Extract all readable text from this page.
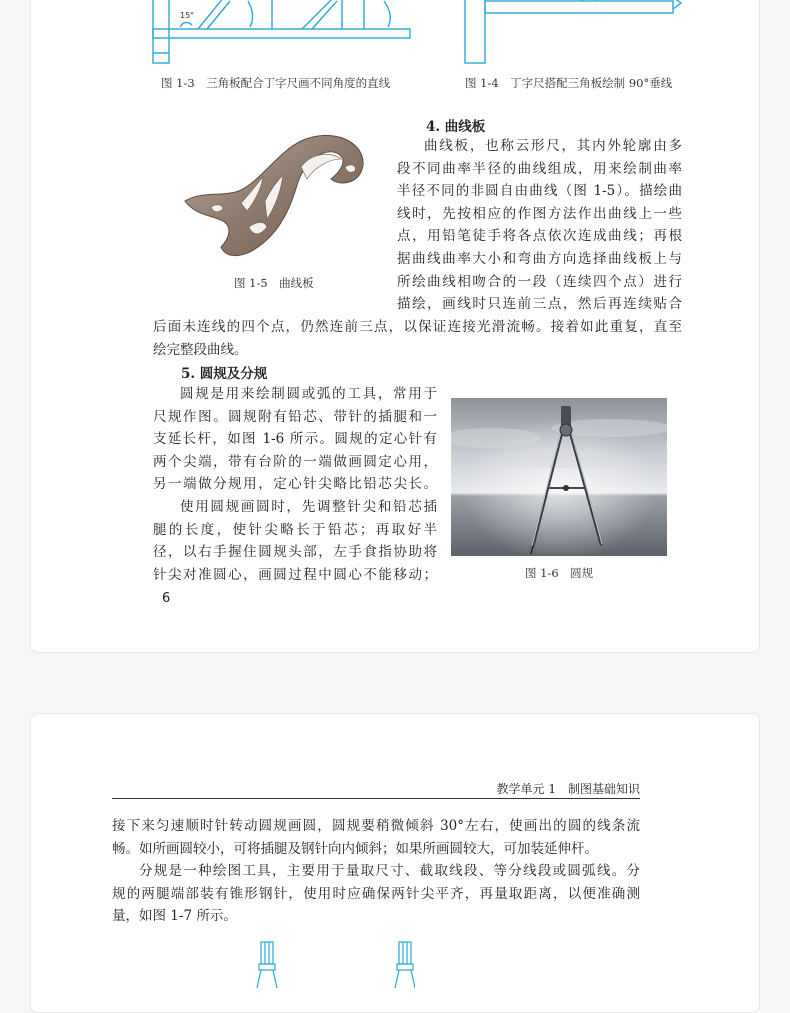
15°
图 1-3　三角板配合丁字尺画不同角度的直线	图 1-4　丁字尺搭配三角板绘制 90°垂线
图 1-5　曲线板
4. 曲线板

曲线板，也称云形尺，其内外轮廓由多

段不同曲率半径的曲线组成，用来绘制曲率

半径不同的非圆自由曲线（图 1-5）。描绘曲

线时，先按相应的作图方法作出曲线上一些

点，用铅笔徒手将各点依次连成曲线；再根

据曲线曲率大小和弯曲方向选择曲线板上与

所绘曲线相吻合的一段（连续四个点）进行

描绘，画线时只连前三点，然后再连续贴合

后面未连线的四个点，仍然连前三点，以保证连接光滑流畅。接着如此重复，直至

绘完整段曲线。

5. 圆规及分规

圆规是用来绘制圆或弧的工具，常用于

尺规作图。圆规附有铅芯、带针的插腿和一

支延长杆，如图 1-6 所示。圆规的定心针有

两个尖端，带有台阶的一端做画圆定心用，

另一端做分规用，定心针尖略比铅芯尖长。

使用圆规画圆时，先调整针尖和铅芯插

腿的长度，使针尖略长于铅芯；再取好半

径，以右手握住圆规头部，左手食指协助将

针尖对准圆心，画圆过程中圆心不能移动；	图 1-6　圆规
6
教学单元 1　制图基础知识

接下来匀速顺时针转动圆规画圆，圆规要稍微倾斜 30°左右，使画出的圆的线条流

畅。如所画圆较小，可将插腿及钢针向内倾斜；如果所画圆较大，可加装延伸杆。

分规是一种绘图工具，主要用于量取尺寸、截取线段、等分线段或圆弧线。分

规的两腿端部装有锥形钢针，使用时应确保两针尖平齐，再量取距离，以便准确测

量，如图 1-7 所示。
